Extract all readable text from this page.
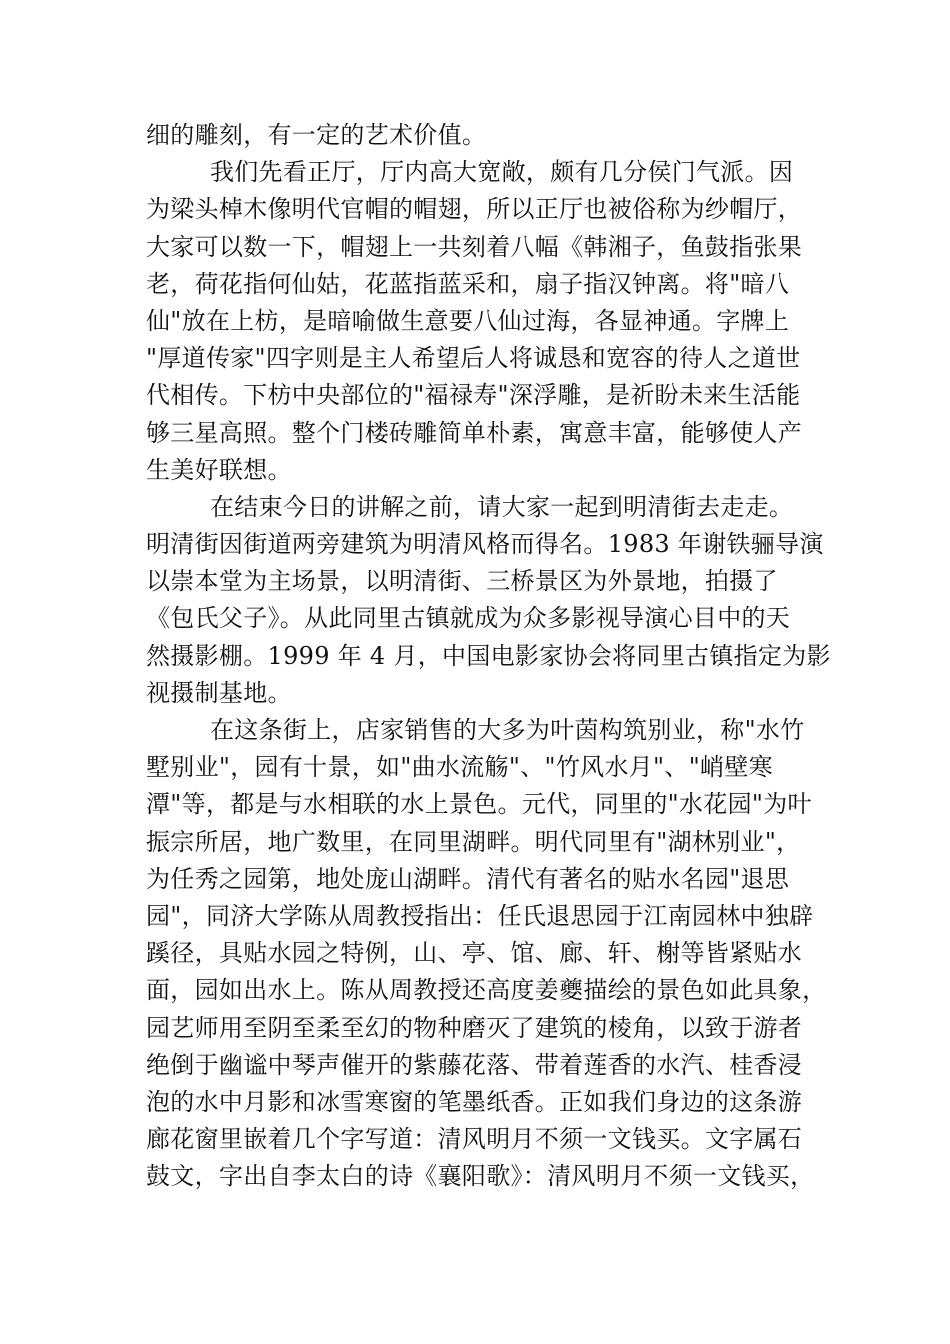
细的雕刻，有一定的艺术价值。
我们先看正厅，厅内高大宽敞，颇有几分侯门气派。因
为梁头棹木像明代官帽的帽翅，所以正厅也被俗称为纱帽厅，
大家可以数一下，帽翅上一共刻着八幅《韩湘子，鱼鼓指张果
老，荷花指何仙姑，花蓝指蓝采和，扇子指汉钟离。将"暗八
仙"放在上枋，是暗喻做生意要八仙过海，各显神通。字牌上
"厚道传家"四字则是主人希望后人将诚恳和宽容的待人之道世
代相传。下枋中央部位的"福禄寿"深浮雕，是祈盼未来生活能
够三星高照。整个门楼砖雕简单朴素，寓意丰富，能够使人产
生美好联想。
在结束今日的讲解之前，请大家一起到明清街去走走。
明清街因街道两旁建筑为明清风格而得名。1983 年谢铁骊导演
以崇本堂为主场景，以明清街、三桥景区为外景地，拍摄了
《包氏父子》。从此同里古镇就成为众多影视导演心目中的天
然摄影棚。1999 年 4 月，中国电影家协会将同里古镇指定为影
视摄制基地。
在这条街上，店家销售的大多为叶茵构筑别业，称"水竹
墅别业"，园有十景，如"曲水流觞"、"竹风水月"、"峭壁寒
潭"等，都是与水相联的水上景色。元代，同里的"水花园"为叶
振宗所居，地广数里，在同里湖畔。明代同里有"湖林别业"，
为任秀之园第，地处庞山湖畔。清代有著名的贴水名园"退思
园"，同济大学陈从周教授指出：任氏退思园于江南园林中独辟
蹊径，具贴水园之特例，山、亭、馆、廊、轩、榭等皆紧贴水
面，园如出水上。陈从周教授还高度姜夔描绘的景色如此具象，
园艺师用至阴至柔至幻的物种磨灭了建筑的棱角，以致于游者
绝倒于幽谧中琴声催开的紫藤花落、带着莲香的水汽、桂香浸
泡的水中月影和冰雪寒窗的笔墨纸香。正如我们身边的这条游
廊花窗里嵌着几个字写道：清风明月不须一文钱买。文字属石
鼓文，字出自李太白的诗《襄阳歌》：清风明月不须一文钱买，
